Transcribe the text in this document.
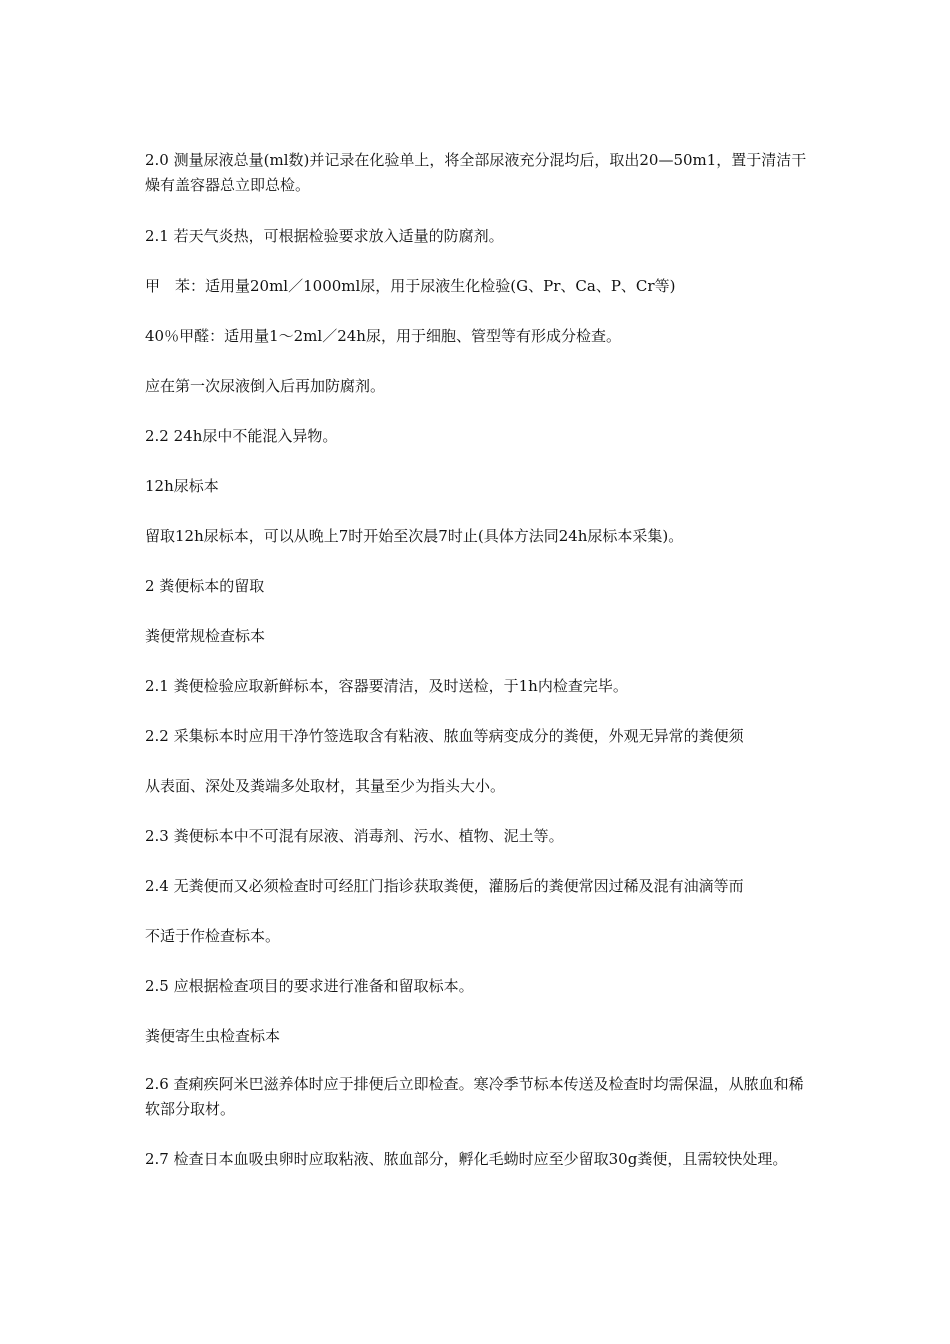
2.0 测量尿液总量(ml数)并记录在化验单上，将全部尿液充分混均后，取出20—50m1，置于清洁干燥有盖容器总立即总检。

2.1 若天气炎热，可根据检验要求放入适量的防腐剂。

甲　苯：适用量20ml／1000ml尿，用于尿液生化检验(G、Pr、Ca、P、Cr等)

40％甲醛：适用量1～2ml／24h尿，用于细胞、管型等有形成分检查。

应在第一次尿液倒入后再加防腐剂。

2.2 24h尿中不能混入异物。

12h尿标本

留取12h尿标本，可以从晚上7时开始至次晨7时止(具体方法同24h尿标本采集)。

2 粪便标本的留取

粪便常规检查标本

2.1 粪便检验应取新鲜标本，容器要清洁，及时送检，于1h内检查完毕。

2.2 采集标本时应用干净竹签选取含有粘液、脓血等病变成分的粪便，外观无异常的粪便须

从表面、深处及粪端多处取材，其量至少为指头大小。

2.3 粪便标本中不可混有尿液、消毒剂、污水、植物、泥土等。

2.4 无粪便而又必须检查时可经肛门指诊获取粪便，灌肠后的粪便常因过稀及混有油滴等而

不适于作检查标本。

2.5 应根据检查项目的要求进行准备和留取标本。

粪便寄生虫检查标本

2.6 查痢疾阿米巴滋养体时应于排便后立即检查。寒冷季节标本传送及检查时均需保温，从脓血和稀软部分取材。

2.7 检查日本血吸虫卵时应取粘液、脓血部分，孵化毛蚴时应至少留取30g粪便，且需较快处理。
